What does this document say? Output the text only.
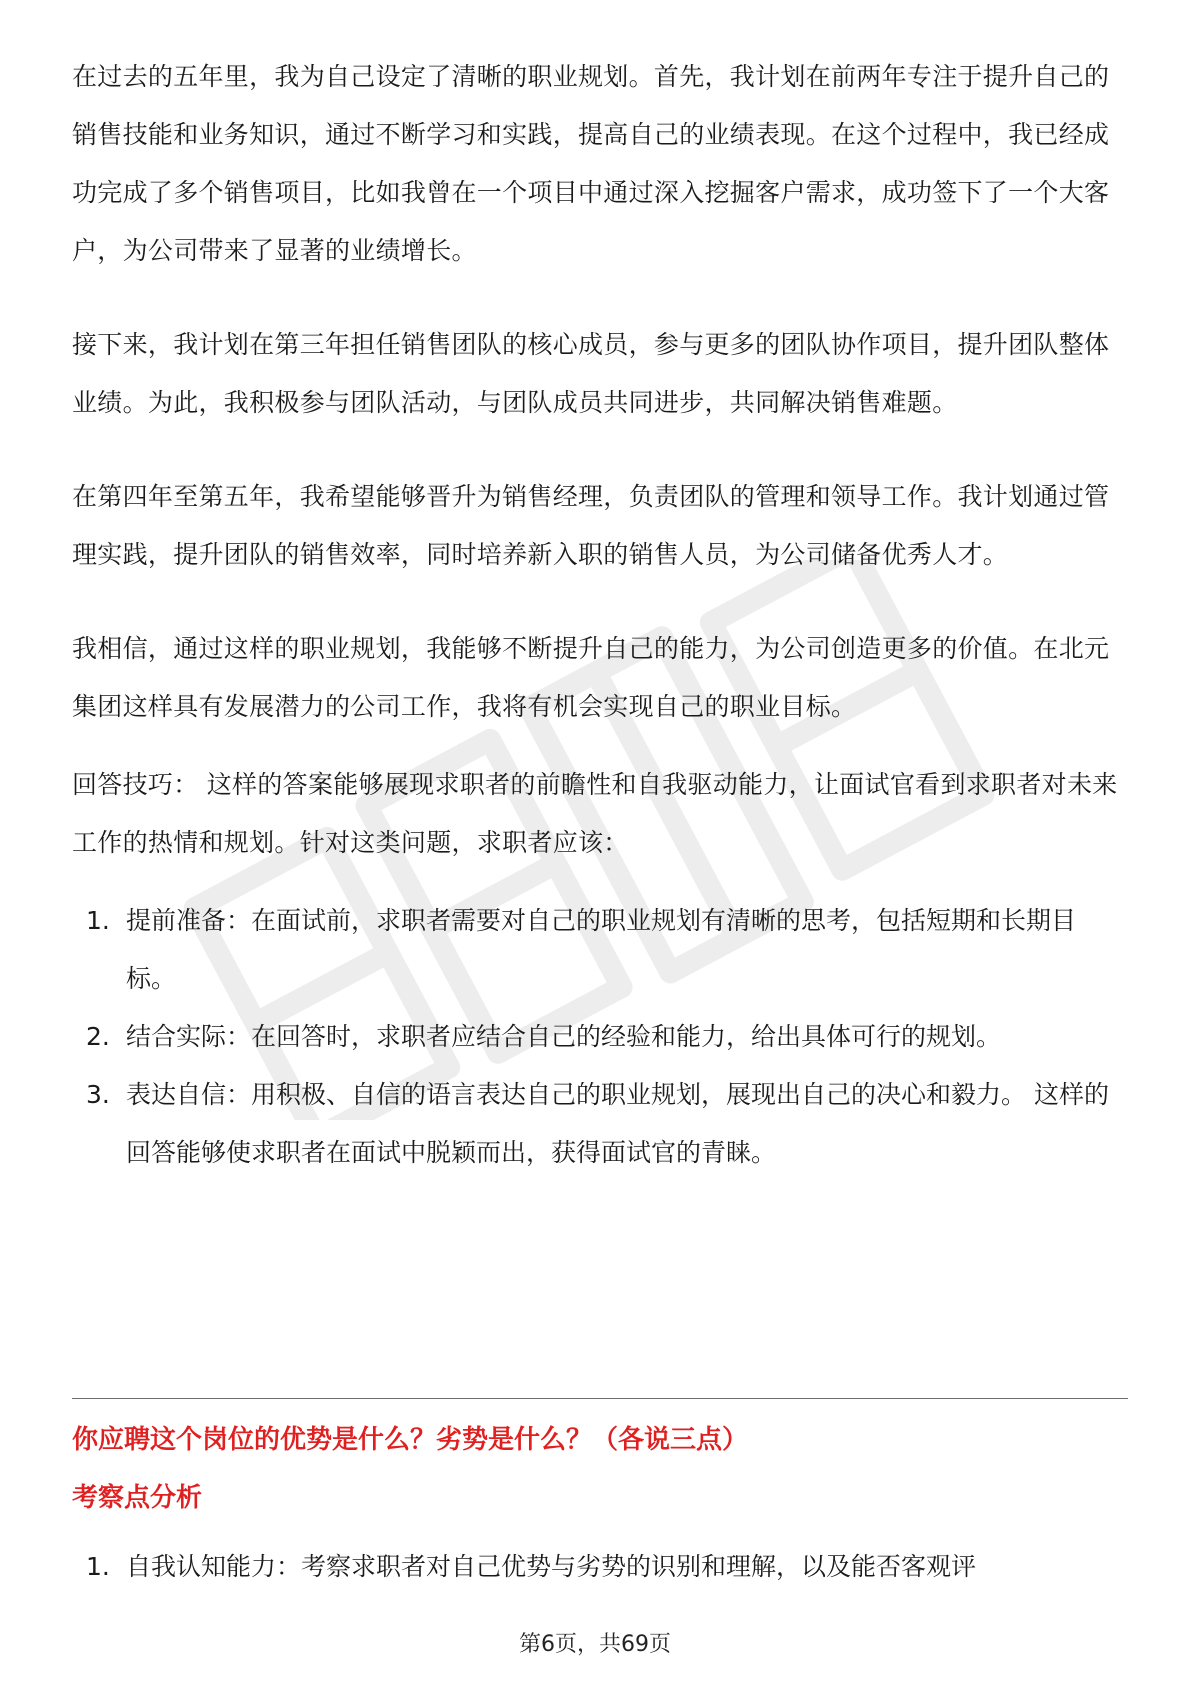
在过去的五年里，我为自己设定了清晰的职业规划。首先，我计划在前两年专注于提升自己的销售技能和业务知识，通过不断学习和实践，提高自己的业绩表现。在这个过程中，我已经成功完成了多个销售项目，比如我曾在一个项目中通过深入挖掘客户需求，成功签下了一个大客户，为公司带来了显著的业绩增长。

接下来，我计划在第三年担任销售团队的核心成员，参与更多的团队协作项目，提升团队整体业绩。为此，我积极参与团队活动，与团队成员共同进步，共同解决销售难题。

在第四年至第五年，我希望能够晋升为销售经理，负责团队的管理和领导工作。我计划通过管理实践，提升团队的销售效率，同时培养新入职的销售人员，为公司储备优秀人才。

我相信，通过这样的职业规划，我能够不断提升自己的能力，为公司创造更多的价值。在北元集团这样具有发展潜力的公司工作，我将有机会实现自己的职业目标。

回答技巧： 这样的答案能够展现求职者的前瞻性和自我驱动能力，让面试官看到求职者对未来工作的热情和规划。针对这类问题，求职者应该：

1. 提前准备：在面试前，求职者需要对自己的职业规划有清晰的思考，包括短期和长期目标。
2. 结合实际：在回答时，求职者应结合自己的经验和能力，给出具体可行的规划。
3. 表达自信：用积极、自信的语言表达自己的职业规划，展现出自己的决心和毅力。 这样的回答能够使求职者在面试中脱颖而出，获得面试官的青睐。
你应聘这个岗位的优势是什么？劣势是什么？（各说三点）
考察点分析
1. 自我认知能力：考察求职者对自己优势与劣势的识别和理解，以及能否客观评
第6页，共69页
